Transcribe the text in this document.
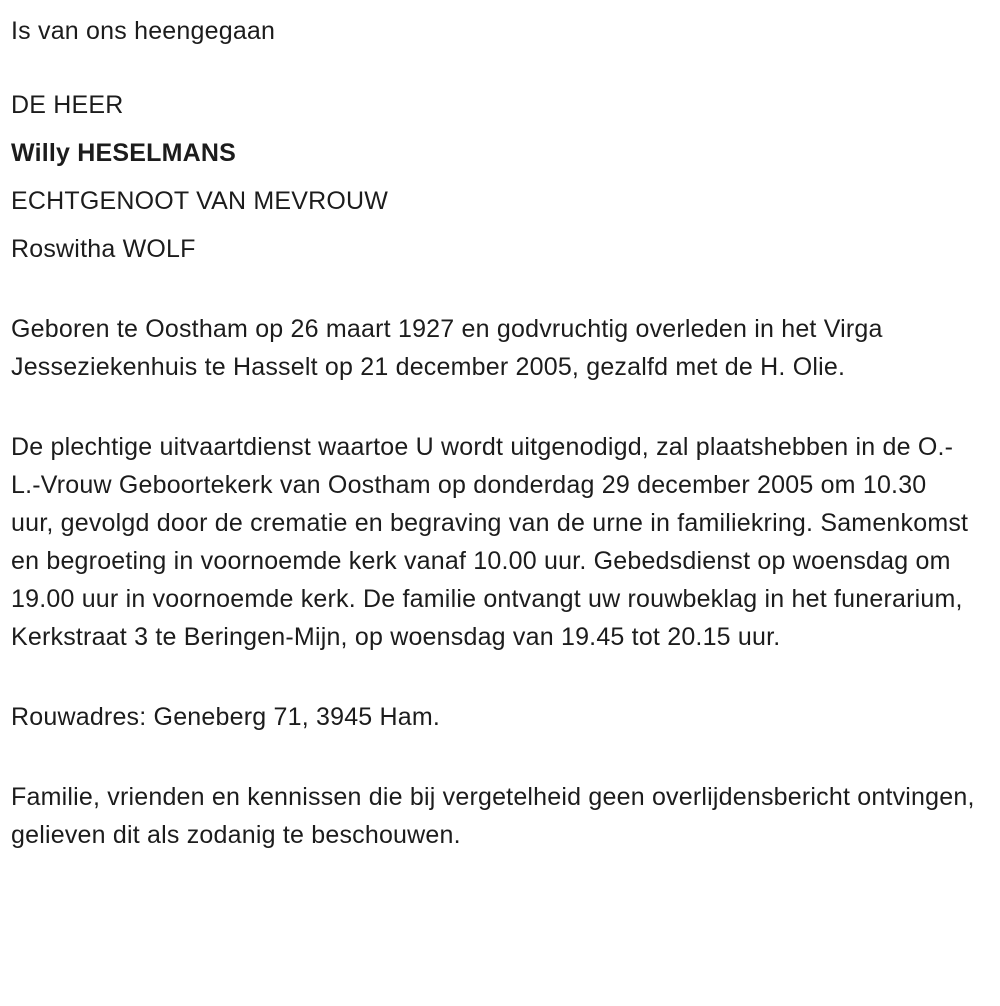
Is van ons heengegaan

DE HEER

Willy HESELMANS

ECHTGENOOT VAN MEVROUW

Roswitha WOLF

Geboren te Oostham op 26 maart 1927 en godvruchtig overleden in het Virga Jesseziekenhuis te Hasselt op 21 december 2005, gezalfd met de H. Olie.

De plechtige uitvaartdienst waartoe U wordt uitgenodigd, zal plaatshebben in de O.-L.-Vrouw Geboortekerk van Oostham op donderdag 29 december 2005 om 10.30 uur, gevolgd door de crematie en begraving van de urne in familiekring. Samenkomst en begroeting in voornoemde kerk vanaf 10.00 uur. Gebedsdienst op woensdag om 19.00 uur in voornoemde kerk. De familie ontvangt uw rouwbeklag in het funerarium, Kerkstraat 3 te Beringen-Mijn, op woensdag van 19.45 tot 20.15 uur.

Rouwadres: Geneberg 71, 3945 Ham.

Familie, vrienden en kennissen die bij vergetelheid geen overlijdensbericht ontvingen, gelieven dit als zodanig te beschouwen.
